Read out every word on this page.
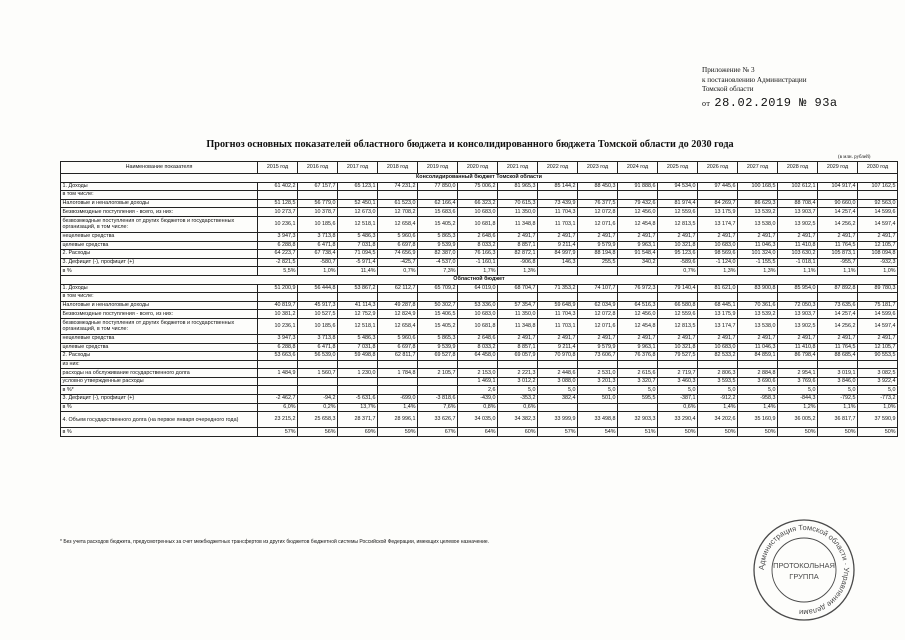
Приложение № 3
к постановлению Администрации
Томской области
от 28.02.2019 № 93а
Прогноз основных показателей областного бюджета и консолидированного бюджета Томской области до 2030 года
(в млн. рублей)
Наименование показателя	2015 год	2016 год	2017 год	2018 год	2019 год	2020 год	2021 год	2022 год	2023 год	2024 год	2025 год	2026 год	2027 год	2028 год	2029 год	2030 год
Консолидированный бюджет Томской области																
1. Доходы	61 402,2	67 157,7	65 123,1	74 231,2	77 850,0	75 006,2	81 965,3	85 144,2	88 450,3	91 888,6	94 534,0	97 445,6	100 168,5	102 612,1	104 917,4	107 162,5
в том числе:																
Налоговые и неналоговые доходы	51 128,5	56 779,0	52 450,1	61 523,0	62 166,4	66 323,2	70 615,3	73 439,9	76 377,5	79 432,6	81 974,4	84 269,7	86 629,3	88 708,4	90 660,0	92 563,0
Безвозмездные поступления - всего, из них:	10 273,7	10 378,7	12 673,0	12 708,2	15 683,6	10 683,0	11 350,0	11 704,3	12 072,8	12 456,0	12 559,6	13 175,9	13 539,2	13 903,7	14 257,4	14 599,6
безвозмездные поступления от других бюджетов и государственных организаций, в том числе:	10 236,1	10 185,6	12 518,1	12 658,4	15 405,2	10 681,8	11 348,8	11 703,1	12 071,6	12 454,8	12 813,5	13 174,7	13 538,0	13 902,5	14 256,2	14 597,4
нецелевые средства	3 947,3	3 713,8	5 486,3	5 960,6	5 865,3	2 648,6	2 491,7	2 491,7	2 491,7	2 491,7	2 491,7	2 491,7	2 491,7	2 491,7	2 491,7	2 491,7
целевые средства	6 288,8	6 471,8	7 031,8	6 697,8	9 539,9	8 033,2	8 857,1	9 211,4	9 579,9	9 963,1	10 321,8	10 683,0	11 046,3	11 410,8	11 764,5	12 105,7
2. Расходы	64 223,7	67 738,4	71 094,5	74 656,9	82 387,0	76 166,3	82 872,1	84 997,9	88 194,8	91 548,4	95 123,6	98 569,6	101 324,0	103 630,2	105 873,1	108 094,8
3. Дефицит (-), профицит (+)	-2 821,5	-580,7	-5 971,4	-425,7	-4 537,0	-1 160,1	-906,8	146,3	255,5	340,2	-589,6	-1 124,0	-1 155,5	-1 018,1	-955,7	-932,3
в %	5,5%	1,0%	11,4%	0,7%	7,3%	1,7%	1,3%				0,7%	1,3%	1,3%	1,1%	1,1%	1,0%
Областной бюджет																
1. Доходы	51 200,9	56 444,8	53 867,2	62 112,7	65 709,2	64 019,0	68 704,7	71 353,2	74 107,7	76 972,3	79 140,4	81 621,0	83 900,8	85 954,0	87 892,8	89 780,3
в том числе:																
Налоговые и неналоговые доходы	40 819,7	45 917,3	41 114,3	49 287,8	50 302,7	53 336,0	57 354,7	59 648,9	62 034,9	64 516,3	66 580,8	68 445,1	70 361,6	72 050,3	73 635,6	75 181,7
Безвозмездные поступления - всего, из них:	10 381,2	10 527,5	12 752,9	12 824,9	15 406,5	10 683,0	11 350,0	11 704,3	12 072,8	12 456,0	12 559,6	13 175,9	13 539,2	13 903,7	14 257,4	14 599,6
безвозмездные поступления от других бюджетов и государственных организаций, в том числе:	10 236,1	10 185,6	12 518,1	12 658,4	15 405,2	10 681,8	11 348,8	11 703,1	12 071,6	12 454,8	12 813,5	13 174,7	13 538,0	13 902,5	14 256,2	14 597,4
нецелевые средства	3 947,3	3 713,8	5 486,3	5 960,6	5 865,3	2 648,6	2 491,7	2 491,7	2 491,7	2 491,7	2 491,7	2 491,7	2 491,7	2 491,7	2 491,7	2 491,7
целевые средства	6 288,8	6 471,8	7 031,8	6 697,8	9 539,9	8 033,2	8 857,1	9 211,4	9 579,9	9 963,1	10 321,8	10 683,0	11 046,3	11 410,8	11 764,5	12 105,7
2. Расходы	53 663,6	56 539,0	59 498,8	62 811,7	69 527,8	64 458,0	69 057,9	70 970,8	73 606,7	76 376,8	79 527,5	82 533,2	84 859,1	86 798,4	88 685,4	90 553,5
из них:																
расходы на обслуживание государственного долга	1 484,9	1 560,7	1 230,0	1 784,8	2 105,7	2 153,0	2 221,3	2 448,6	2 531,0	2 615,6	2 719,7	2 806,3	2 884,8	2 954,1	3 019,1	3 082,5
условно утвержденные расходы						1 469,1	3 012,2	3 088,0	3 201,3	3 320,7	3 460,3	3 593,5	3 690,6	3 769,6	3 846,0	3 922,4
в %*						2,6	5,0	5,0	5,0	5,0	5,0	5,0	5,0	5,0	5,0	5,0
3. Дефицит (-), профицит (+)	-2 462,7	-94,2	-5 631,6	-699,0	-3 818,6	-439,0	-353,2	382,4	501,0	595,5	-387,1	-912,2	-958,3	-844,3	-792,5	-773,2
в %	6,0%	0,2%	13,7%	1,4%	7,6%	0,8%	0,6%				0,6%	1,4%	1,4%	1,2%	1,1%	1,0%
4. Объем государственного долга (на первое января очередного года)	23 215,2	25 658,3	28 371,7	28 996,1	33 626,7	34 035,0	34 382,3	33 999,9	33 498,8	32 903,3	33 290,4	34 202,6	35 160,9	36 005,2	36 817,7	37 590,9
в %	57%	56%	69%	59%	67%	64%	60%	57%	54%	51%	50%	50%	50%	50%	50%	50%
* Без учета расходов бюджета, предусмотренных за счет межбюджетных трансфертов из других бюджетов бюджетной системы Российской Федерации, имеющих целевое назначение.
Администрация Томской области · Управление делами
ПРОТОКОЛЬНАЯ
ГРУППА
